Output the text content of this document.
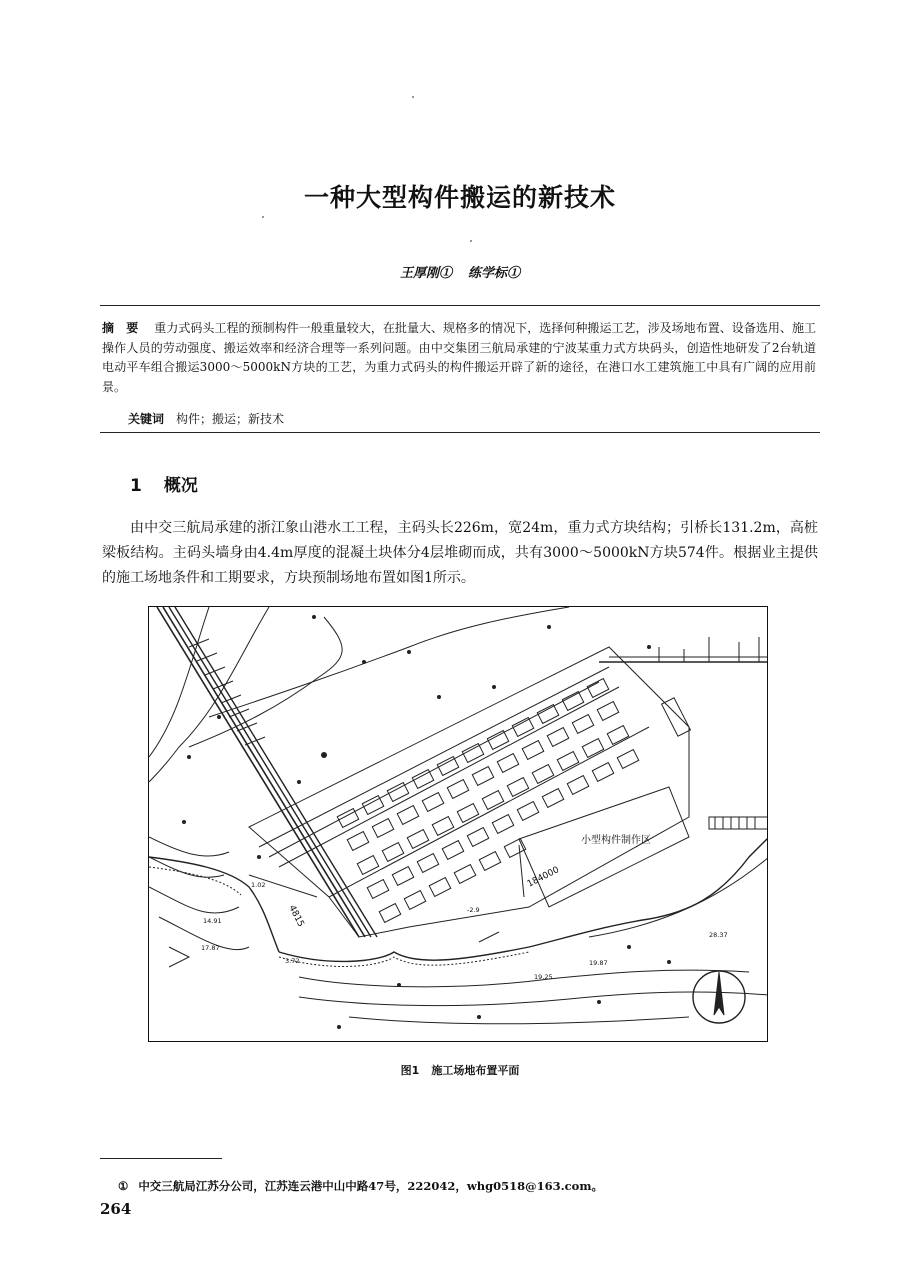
一种大型构件搬运的新技术
王厚刚① 练学标①
摘 要 重力式码头工程的预制构件一般重量较大，在批量大、规格多的情况下，选择何种搬运工艺，涉及场地布置、设备选用、施工操作人员的劳动强度、搬运效率和经济合理等一系列问题。由中交集团三航局承建的宁波某重力式方块码头，创造性地研发了2台轨道电动平车组合搬运3000～5000kN方块的工艺，为重力式码头的构件搬运开辟了新的途径，在港口水工建筑施工中具有广阔的应用前景。
关键词 构件；搬运；新技术
1 概况
由中交三航局承建的浙江象山港水工工程，主码头长226m，宽24m，重力式方块结构；引桥长131.2m，高桩梁板结构。主码头墙身由4.4m厚度的混凝土块体分4层堆砌而成，共有3000～5000kN方块574件。根据业主提供的施工场地条件和工期要求，方块预制场地布置如图1所示。
1.02
14.91
17.87
3.72
-2.9
28.37
19.25
19.87
小型构件制作区
184000
4815
图1 施工场地布置平面
① 中交三航局江苏分公司，江苏连云港中山中路47号，222042，whg0518@163.com。
264
